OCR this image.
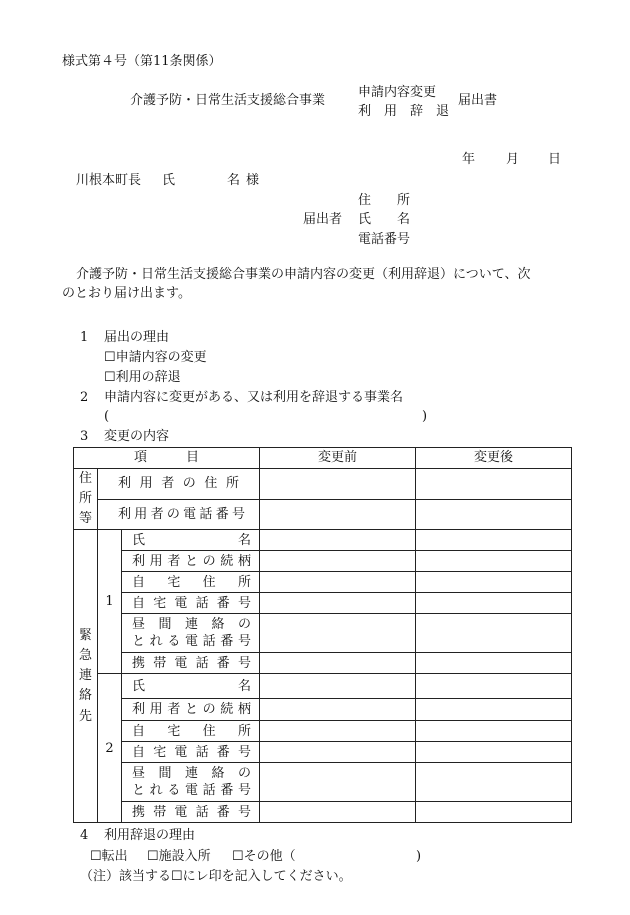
様式第４号（第11条関係）
介護予防・日常生活支援総合事業
申請内容変更
利　用　辞　退
届出書
年 月 日
川根本町長 氏　　　　名 様
住　　所
届出者 氏　　名
電話番号
介護予防・日常生活支援総合事業の申請内容の変更（利用辞退）について、次
のとおり届け出ます。
1 届出の理由
☐申請内容の変更
☐利用の辞退
2 申請内容に変更がある、又は利用を辞退する事業名
(	)
3 変更の内容
項　　　目			変更前	変更後
住所等	利用者の住所			
	利用者の電話番号			
緊急連絡先	1	氏名		
		利用者との続柄		
		自宅住所		
		自宅電話番号		

		昼間連絡の
とれる電話番号		

		携帯電話番号		
	2	氏名		
		利用者との続柄		
		自宅住所		
		自宅電話番号		

		昼間連絡の
とれる電話番号		

		携帯電話番号		
4 利用辞退の理由
☐転出 ☐施設入所 ☐その他（	)
（注）該当する☐にレ印を記入してください。
